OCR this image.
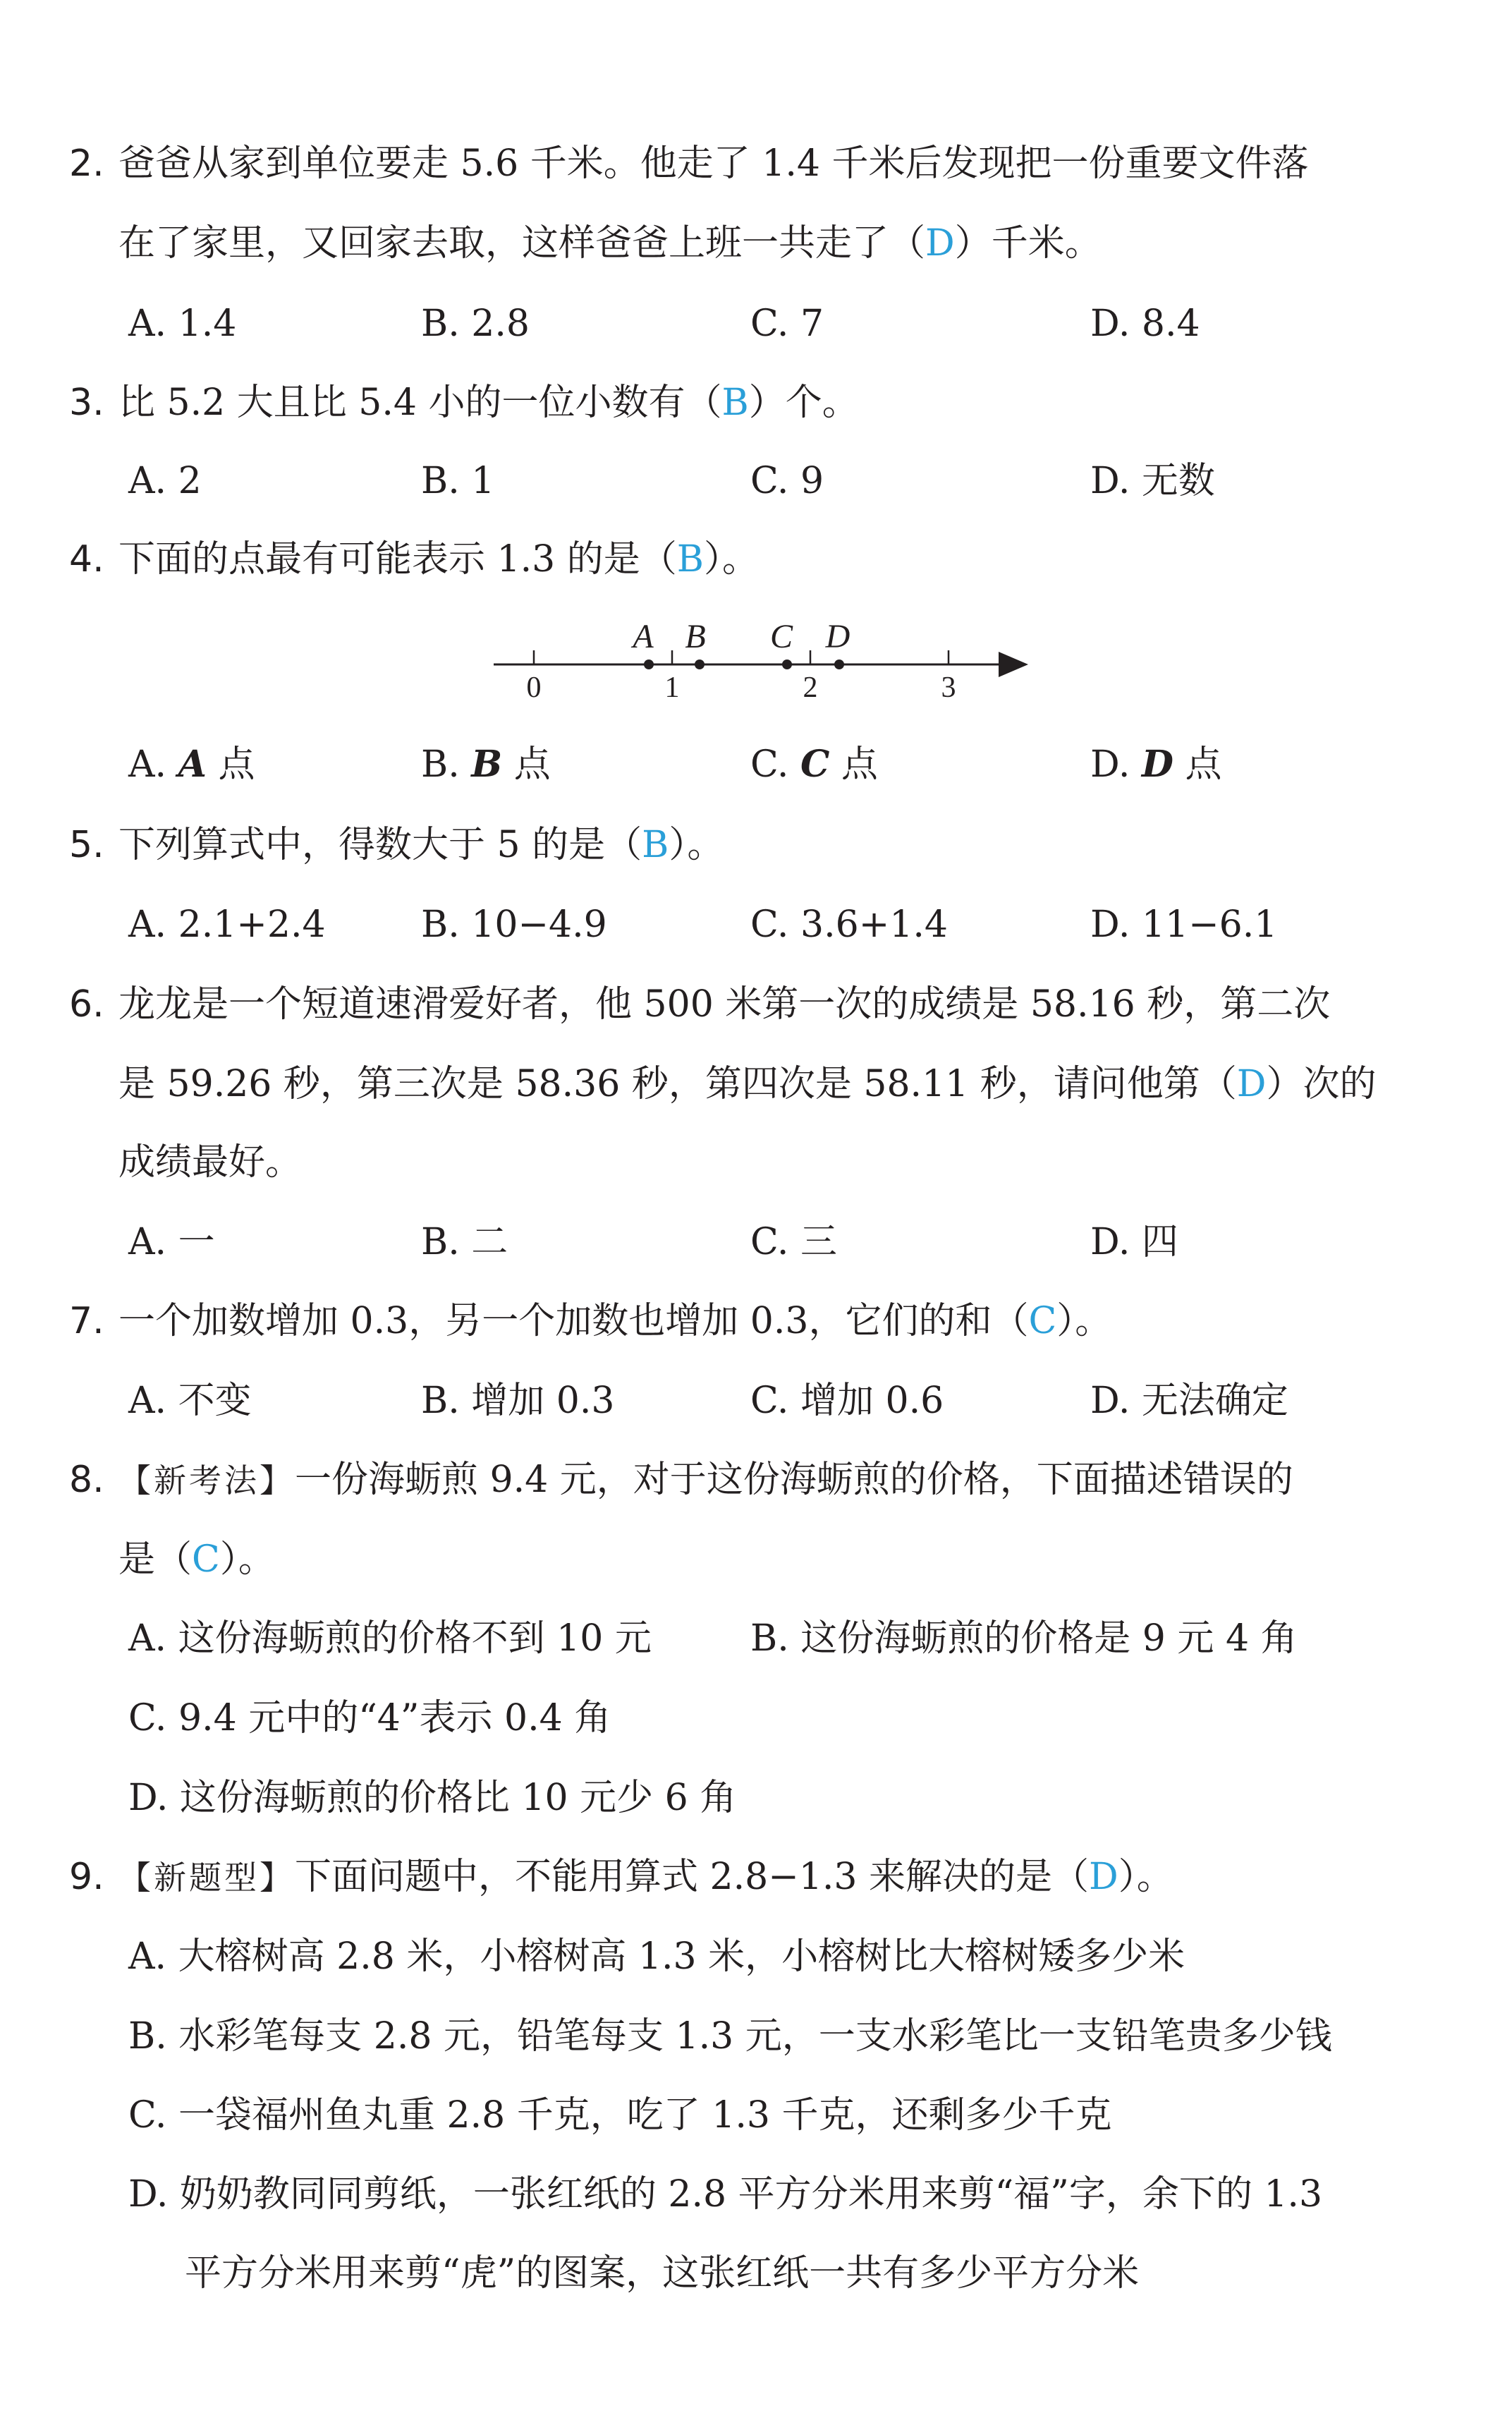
2. 爸爸从家到单位要走 5.6 千米。他走了 1.4 千米后发现把一份重要文件落
在了家里，又回家去取，这样爸爸上班一共走了（D）千米。
A. 1.4	B. 2.8	C. 7	D. 8.4
3. 比 5.2 大且比 5.4 小的一位小数有（B）个。
A. 2	B. 1	C. 9	D. 无数
4. 下面的点最有可能表示 1.3 的是（B）。
0	1	2	3
A B C D
A. A 点	B. B 点	C. C 点	D. D 点
5. 下列算式中，得数大于 5 的是（B）。
A. 2.1+2.4	B. 10−4.9	C. 3.6+1.4	D. 11−6.1
6. 龙龙是一个短道速滑爱好者，他 500 米第一次的成绩是 58.16 秒，第二次
是 59.26 秒，第三次是 58.36 秒，第四次是 58.11 秒，请问他第（D）次的
成绩最好。
A. 一	B. 二	C. 三	D. 四
7. 一个加数增加 0.3，另一个加数也增加 0.3，它们的和（C）。
A. 不变	B. 增加 0.3	C. 增加 0.6	D. 无法确定
8. 【新考法】一份海蛎煎 9.4 元，对于这份海蛎煎的价格，下面描述错误的
是（C）。
A. 这份海蛎煎的价格不到 10 元	B. 这份海蛎煎的价格是 9 元 4 角
C. 9.4 元中的“4”表示 0.4 角
D. 这份海蛎煎的价格比 10 元少 6 角
9. 【新题型】下面问题中，不能用算式 2.8−1.3 来解决的是（D）。
A. 大榕树高 2.8 米，小榕树高 1.3 米，小榕树比大榕树矮多少米
B. 水彩笔每支 2.8 元，铅笔每支 1.3 元，一支水彩笔比一支铅笔贵多少钱
C. 一袋福州鱼丸重 2.8 千克，吃了 1.3 千克，还剩多少千克
D. 奶奶教同同剪纸，一张红纸的 2.8 平方分米用来剪“福”字，余下的 1.3
平方分米用来剪“虎”的图案，这张红纸一共有多少平方分米
